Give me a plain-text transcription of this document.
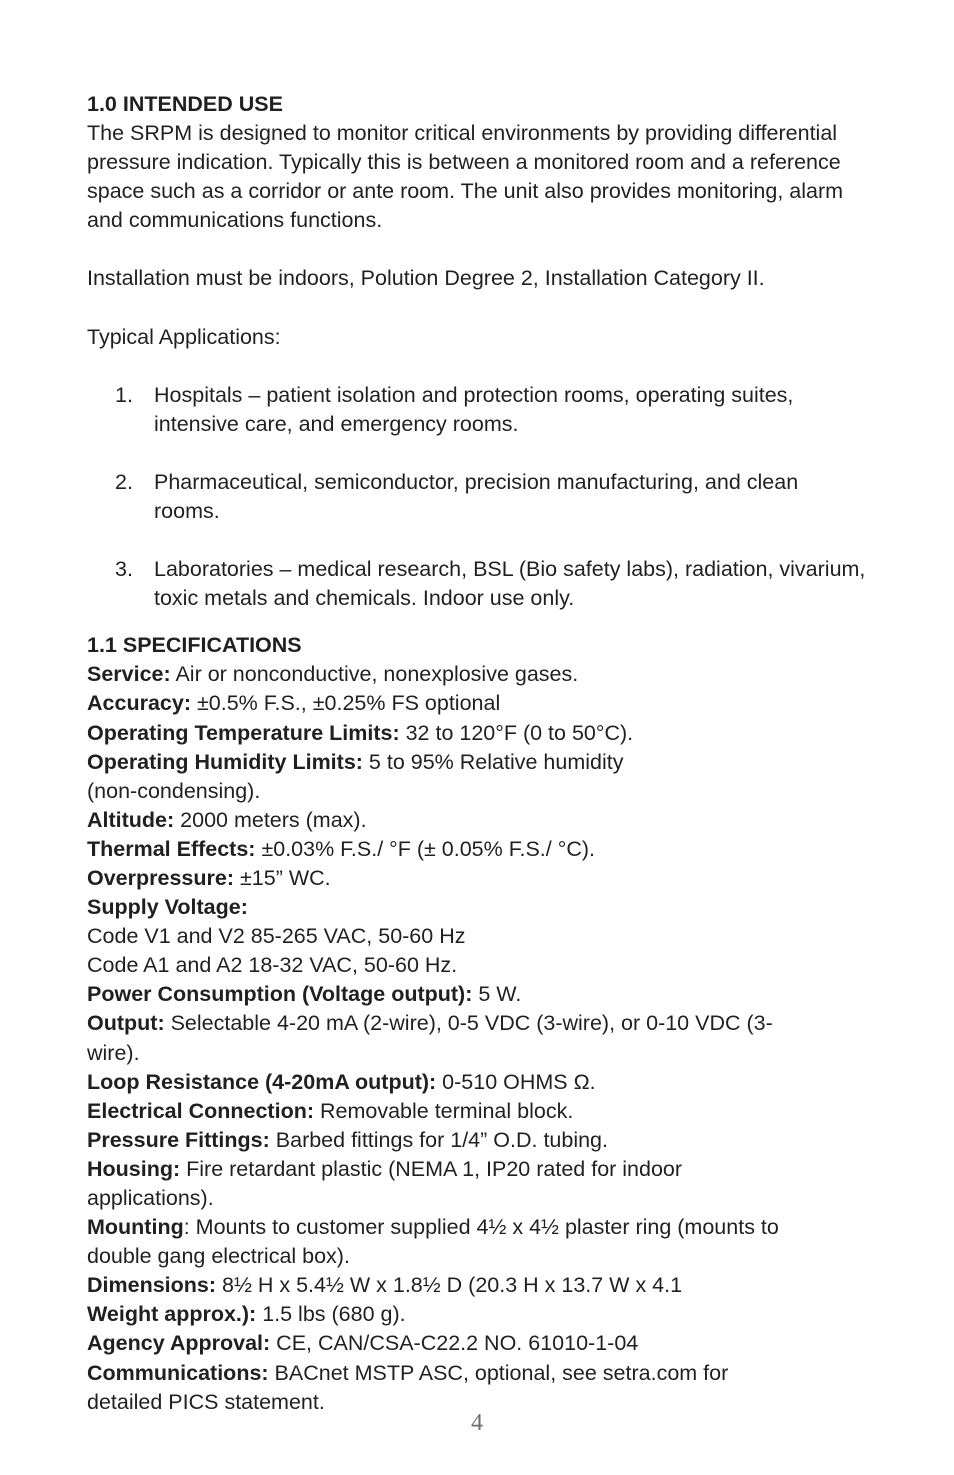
1.0 INTENDED USE

The SRPM is designed to monitor critical environments by providing differential pressure indication. Typically this is between a monitored room and a reference space such as a corridor or ante room. The unit also provides monitoring, alarm and communications functions.

Installation must be indoors, Polution Degree 2, Installation Category II.

Typical Applications:

1. Hospitals – patient isolation and protection rooms, operating suites, intensive care, and emergency rooms.
2. Pharmaceutical, semiconductor, precision manufacturing, and clean rooms.
3. Laboratories – medical research, BSL (Bio safety labs), radiation, vivarium, toxic metals and chemicals. Indoor use only.

1.1 SPECIFICATIONS

Service: Air or nonconductive, nonexplosive gases.

Accuracy: ±0.5% F.S., ±0.25% FS optional

Operating Temperature Limits: 32 to 120°F (0 to 50°C).

Operating Humidity Limits: 5 to 95% Relative humidity

(non-condensing).

Altitude: 2000 meters (max).

Thermal Effects: ±0.03% F.S./ °F (± 0.05% F.S./ °C).

Overpressure: ±15” WC.

Supply Voltage:

Code V1 and V2 85-265 VAC, 50-60 Hz

Code A1 and A2 18-32 VAC, 50-60 Hz.

Power Consumption (Voltage output): 5 W.

Output: Selectable 4-20 mA (2-wire), 0-5 VDC (3-wire), or 0-10 VDC (3-

wire).

Loop Resistance (4-20mA output): 0-510 OHMS Ω.

Electrical Connection: Removable terminal block.

Pressure Fittings: Barbed fittings for 1/4” O.D. tubing.

Housing: Fire retardant plastic (NEMA 1, IP20 rated for indoor

applications).

Mounting: Mounts to customer supplied 4½ x 4½ plaster ring (mounts to

double gang electrical box).

Dimensions: 8½ H x 5.4½ W x 1.8½ D (20.3 H x 13.7 W x 4.1

Weight approx.): 1.5 lbs (680 g).

Agency Approval: CE, CAN/CSA-C22.2 NO. 61010-1-04

Communications: BACnet MSTP ASC, optional, see setra.com for

detailed PICS statement.

4
